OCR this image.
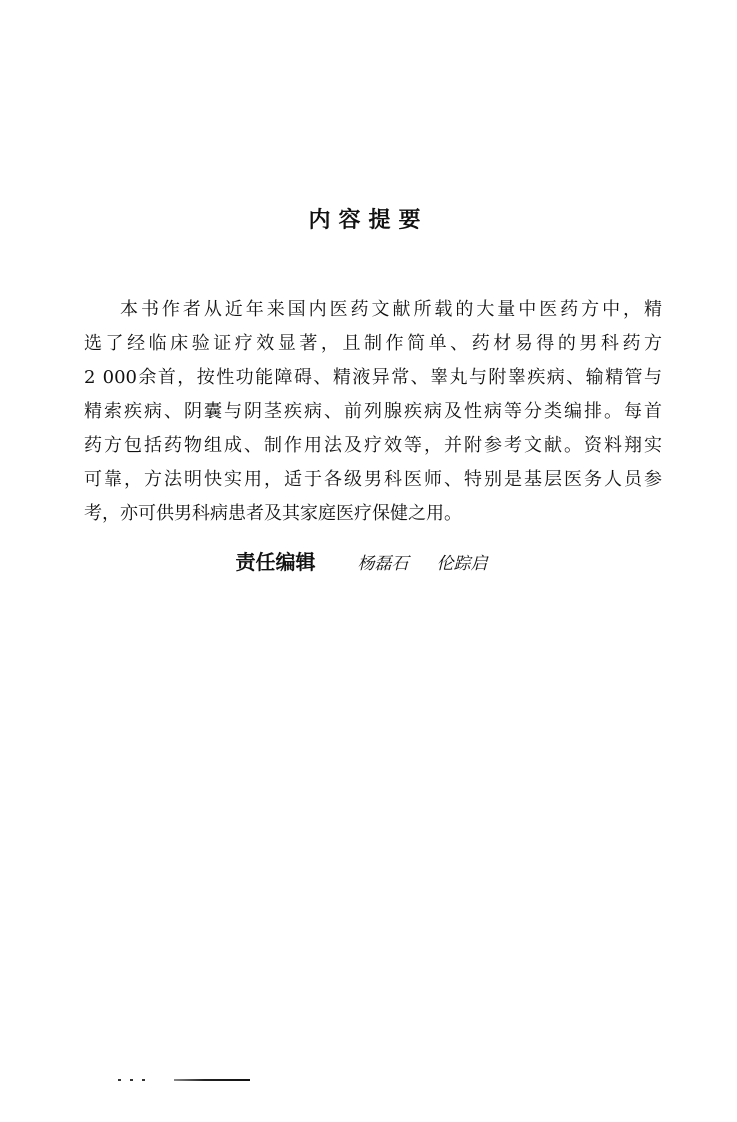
内容提要
本书作者从近年来国内医药文献所载的大量中医药方中，精
选了经临床验证疗效显著，且制作简单、药材易得的男科药方
2 000余首，按性功能障碍、精液异常、睾丸与附睾疾病、输精管与
精索疾病、阴囊与阴茎疾病、前列腺疾病及性病等分类编排。每首
药方包括药物组成、制作用法及疗效等，并附参考文献。资料翔实
可靠，方法明快实用，适于各级男科医师、特别是基层医务人员参
考，亦可供男科病患者及其家庭医疗保健之用。
责任编辑 杨磊石 伦踪启
